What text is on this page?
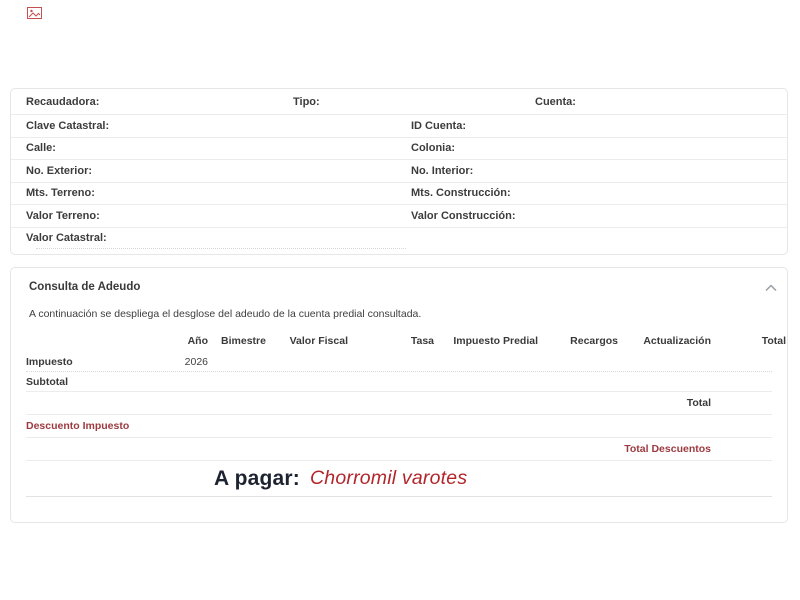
Recaudadora:	Tipo:	Cuenta:
Clave Catastral:	ID Cuenta:
Calle:	Colonia:
No. Exterior:	No. Interior:
Mts. Terreno:	Mts. Construcción:
Valor Terreno:	Valor Construcción:
Valor Catastral:
Consulta de Adeudo

A continuación se despliega el desglose del adeudo de la cuenta predial consultada.

Año	Bimestre	Valor Fiscal	Tasa	Impuesto Predial	Recargos	Actualización	Total
Impuesto	2026
Subtotal
Total
Descuento Impuesto
Total Descuentos
A pagar: Chorromil varotes
